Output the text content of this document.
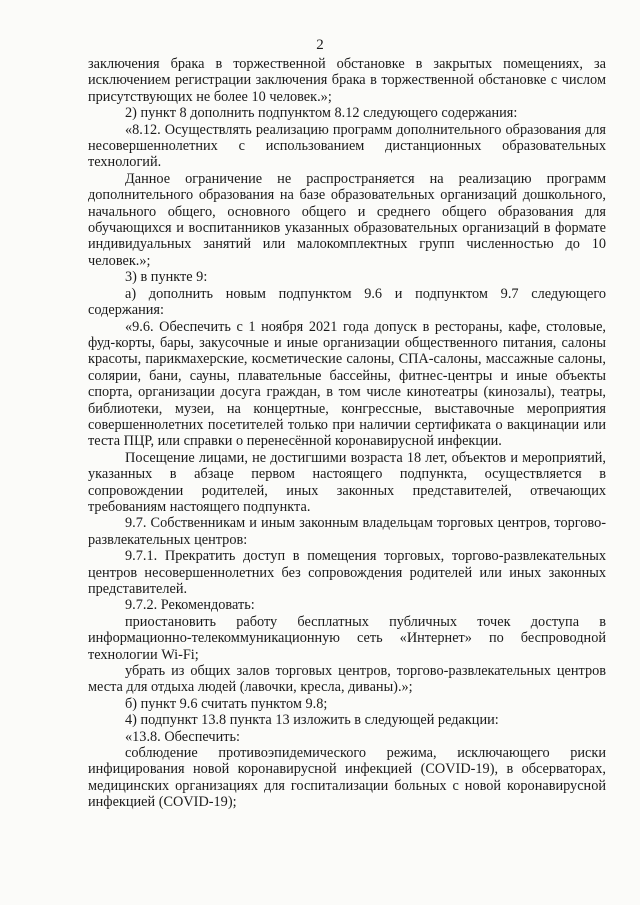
2

заключения брака в торжественной обстановке в закрытых помещениях, за исключением регистрации заключения брака в торжественной обстановке с числом присутствующих не более 10 человек.»;

2) пункт 8 дополнить подпунктом 8.12 следующего содержания:

«8.12. Осуществлять реализацию программ дополнительного образования для несовершеннолетних с использованием дистанционных образовательных технологий.

Данное ограничение не распространяется на реализацию программ дополнительного образования на базе образовательных организаций дошкольного, начального общего, основного общего и среднего общего образования для обучающихся и воспитанников указанных образовательных организаций в формате индивидуальных занятий или малокомплектных групп численностью до 10 человек.»;

3) в пункте 9:

а) дополнить новым подпунктом 9.6 и подпунктом 9.7 следующего содержания:

«9.6. Обеспечить с 1 ноября 2021 года допуск в рестораны, кафе, столовые, фуд-корты, бары, закусочные и иные организации общественного питания, салоны красоты, парикмахерские, косметические салоны, СПА-салоны, массажные салоны, солярии, бани, сауны, плавательные бассейны, фитнес-центры и иные объекты спорта, организации досуга граждан, в том числе кинотеатры (кинозалы), театры, библиотеки, музеи, на концертные, конгрессные, выставочные мероприятия совершеннолетних посетителей только при наличии сертификата о вакцинации или теста ПЦР, или справки о перенесённой коронавирусной инфекции.

Посещение лицами, не достигшими возраста 18 лет, объектов и мероприятий, указанных в абзаце первом настоящего подпункта, осуществляется в сопровождении родителей, иных законных представителей, отвечающих требованиям настоящего подпункта.

9.7. Собственникам и иным законным владельцам торговых центров, торгово-развлекательных центров:

9.7.1. Прекратить доступ в помещения торговых, торгово-развлекательных центров несовершеннолетних без сопровождения родителей или иных законных представителей.

9.7.2. Рекомендовать:

приостановить работу бесплатных публичных точек доступа в информационно-телекоммуникационную сеть «Интернет» по беспроводной технологии Wi-Fi;

убрать из общих залов торговых центров, торгово-развлекательных центров места для отдыха людей (лавочки, кресла, диваны).»;

б) пункт 9.6 считать пунктом 9.8;

4) подпункт 13.8 пункта 13 изложить в следующей редакции:

«13.8. Обеспечить:

соблюдение противоэпидемического режима, исключающего риски инфицирования новой коронавирусной инфекцией (COVID-19), в обсерваторах, медицинских организациях для госпитализации больных с новой коронавирусной инфекцией (COVID-19);
